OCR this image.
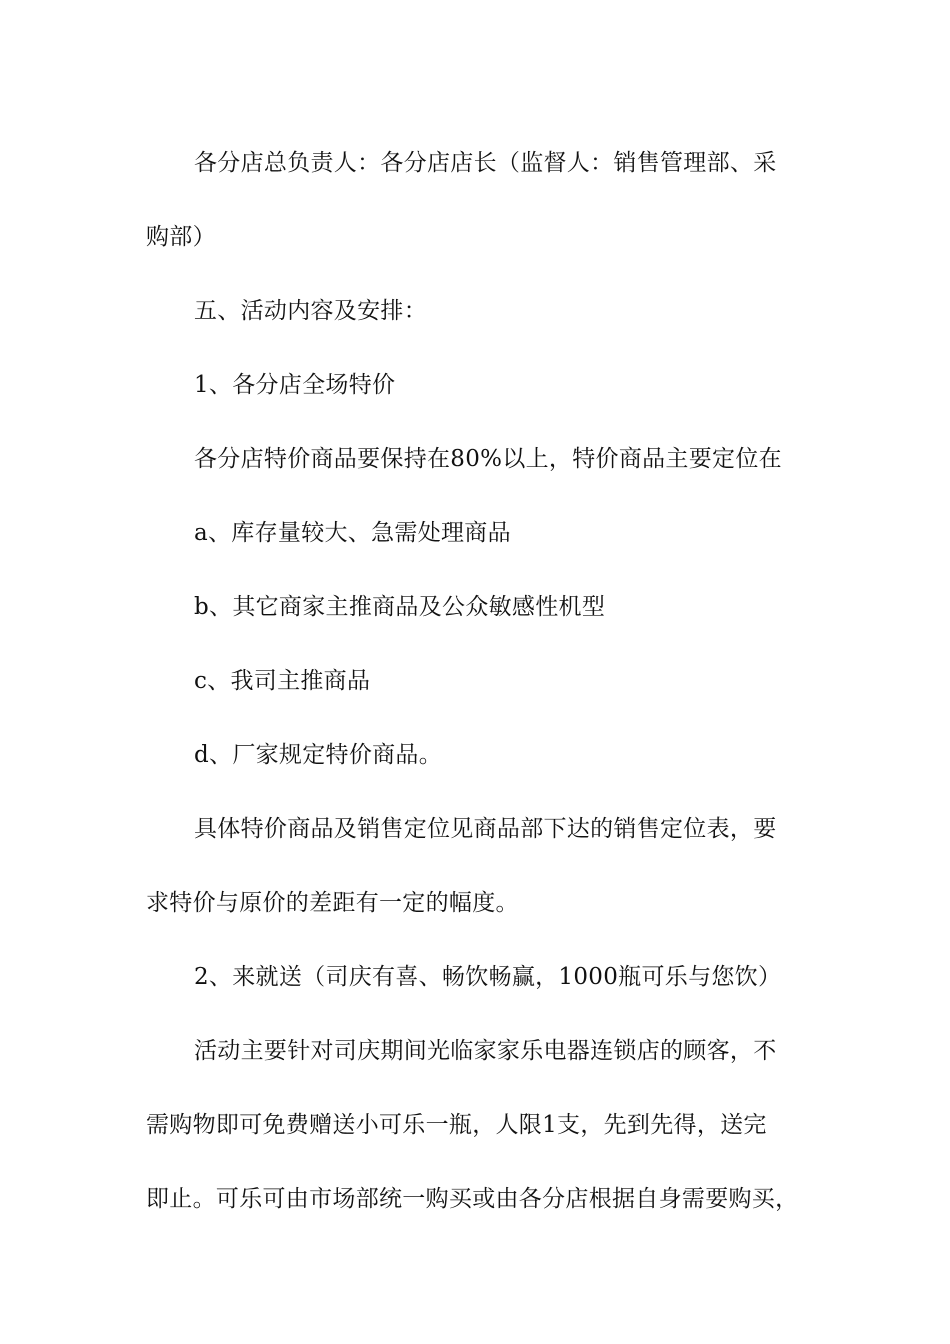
各分店总负责人：各分店店长（监督人：销售管理部、采

购部）

五、活动内容及安排：

1、各分店全场特价

各分店特价商品要保持在80%以上，特价商品主要定位在

a、库存量较大、急需处理商品

b、其它商家主推商品及公众敏感性机型

c、我司主推商品

d、厂家规定特价商品。

具体特价商品及销售定位见商品部下达的销售定位表，要

求特价与原价的差距有一定的幅度。

2、来就送（司庆有喜、畅饮畅赢，1000瓶可乐与您饮）

活动主要针对司庆期间光临家家乐电器连锁店的顾客，不

需购物即可免费赠送小可乐一瓶，人限1支，先到先得，送完

即止。可乐可由市场部统一购买或由各分店根据自身需要购买，
